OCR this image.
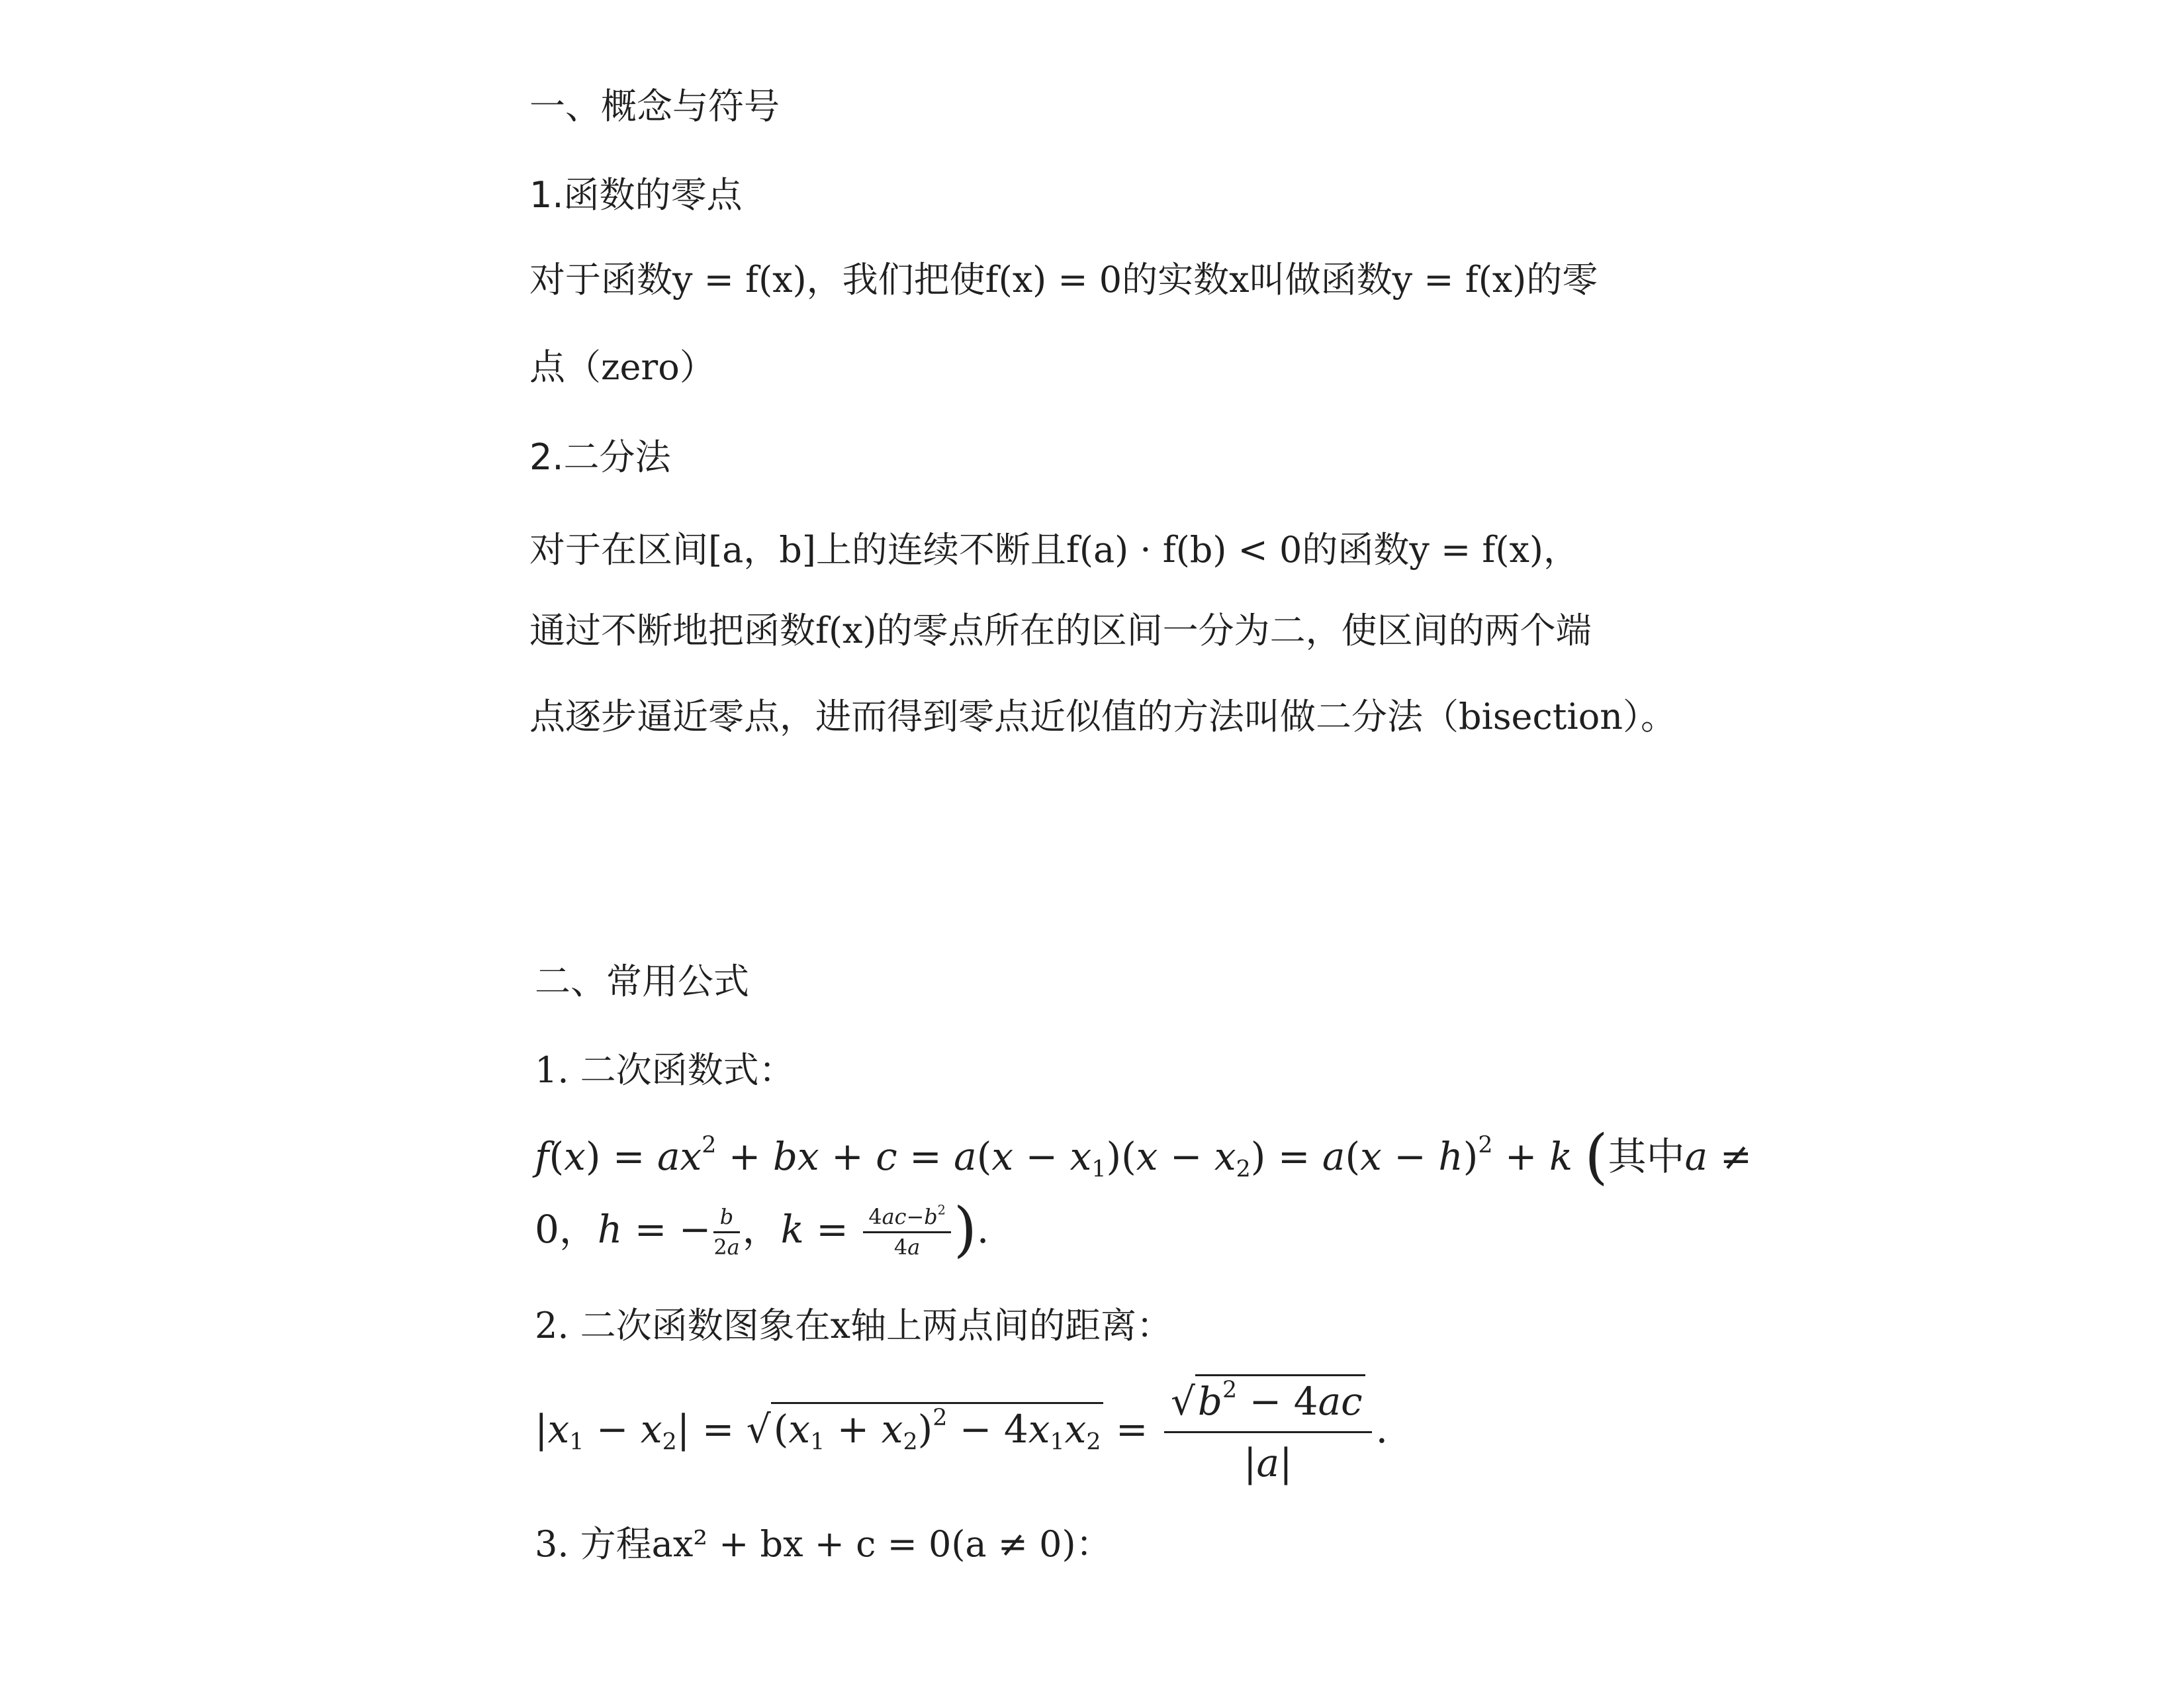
一、概念与符号
1.函数的零点
对于函数y = f(x)，我们把使f(x) = 0的实数x叫做函数y = f(x)的零
点（zero）
2.二分法
对于在区间[a，b]上的连续不断且f(a) · f(b) < 0的函数y = f(x)，
通过不断地把函数f(x)的零点所在的区间一分为二，使区间的两个端
点逐步逼近零点，进而得到零点近似值的方法叫做二分法（bisection）。
二、常用公式
1. 二次函数式：
$f(x) = ax^2$ + bx + $c = a(x - x_1)(x - x_2) = a(x - h)^2 + k$ (其中a ≠
0，h = − $\frac{b}{2a}$ ，$k = \frac{4ac-b^2}{4a}$ ).
2. 二次函数图象在x轴上两点间的距离：
$|x_1 - x_2| = √(x_1 + x_2)^2 - 4x_1x_2 = \frac{√b^2 - 4ac}{|a|}$ .
3. 方程ax² + bx + c = 0(a ≠ 0)：
